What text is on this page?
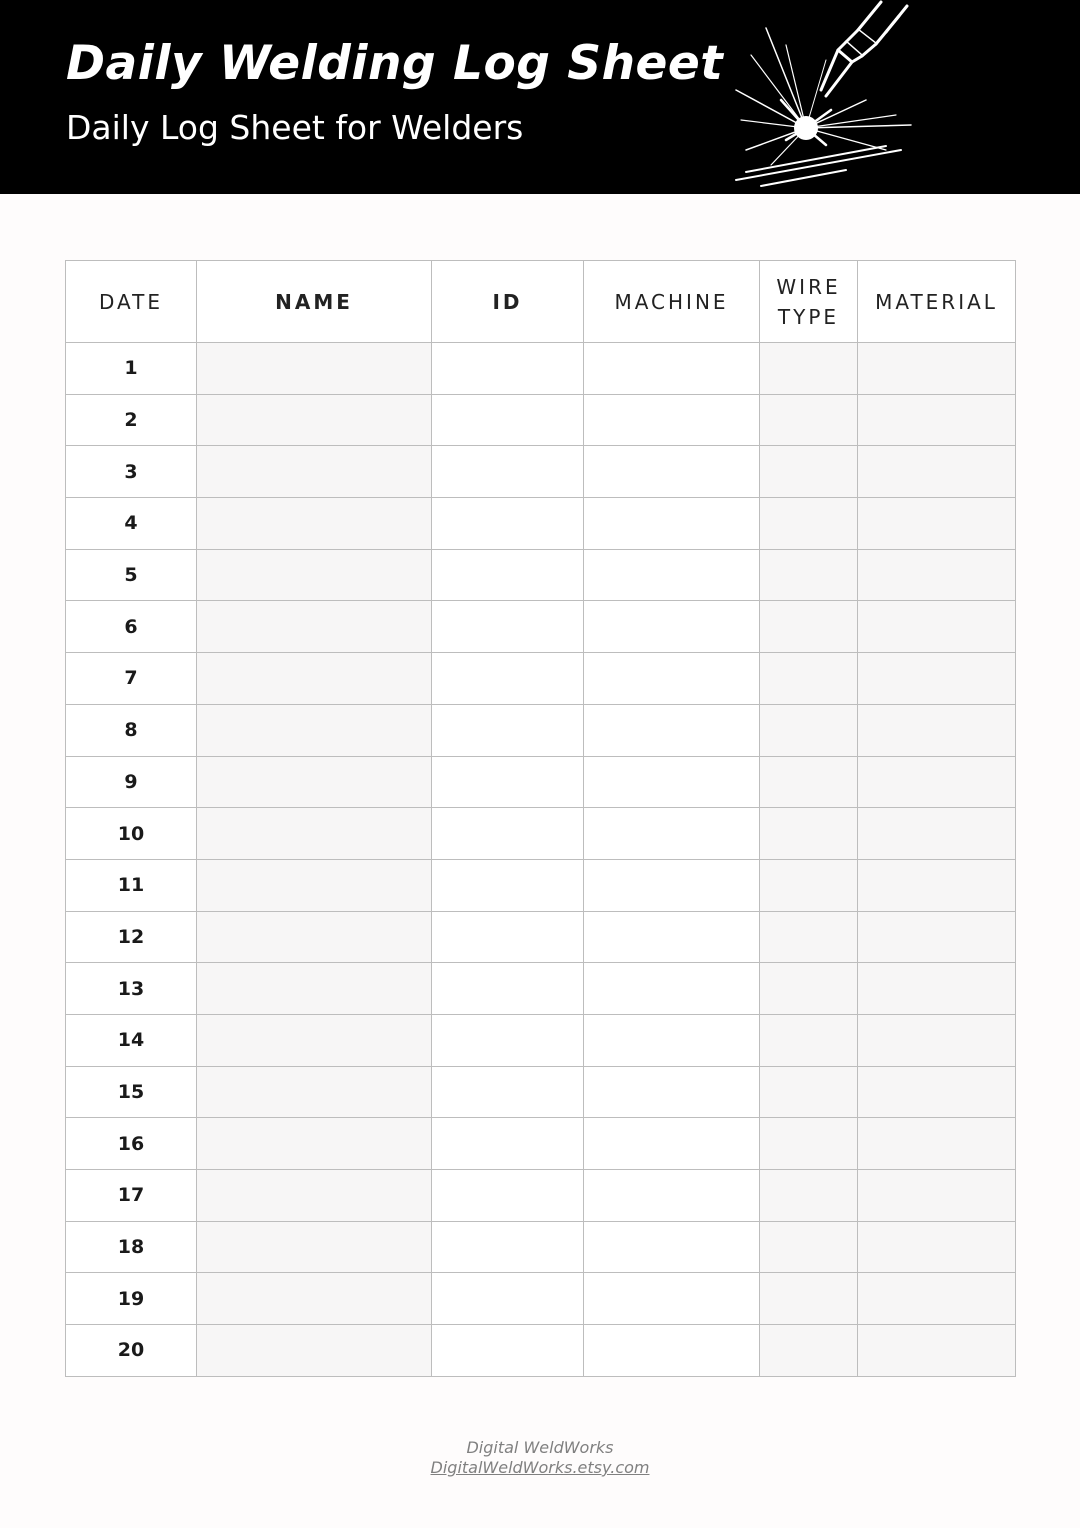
Daily Welding Log Sheet
Daily Log Sheet for Welders
DATE	NAME	ID	MACHINE	WIRE TYPE	MATERIAL
1					
2					
3					
4					
5					
6					
7					
8					
9					
10					
11					
12					
13					
14					
15					
16					
17					
18					
19					
20					
Digital WeldWorks
DigitalWeldWorks.etsy.com
